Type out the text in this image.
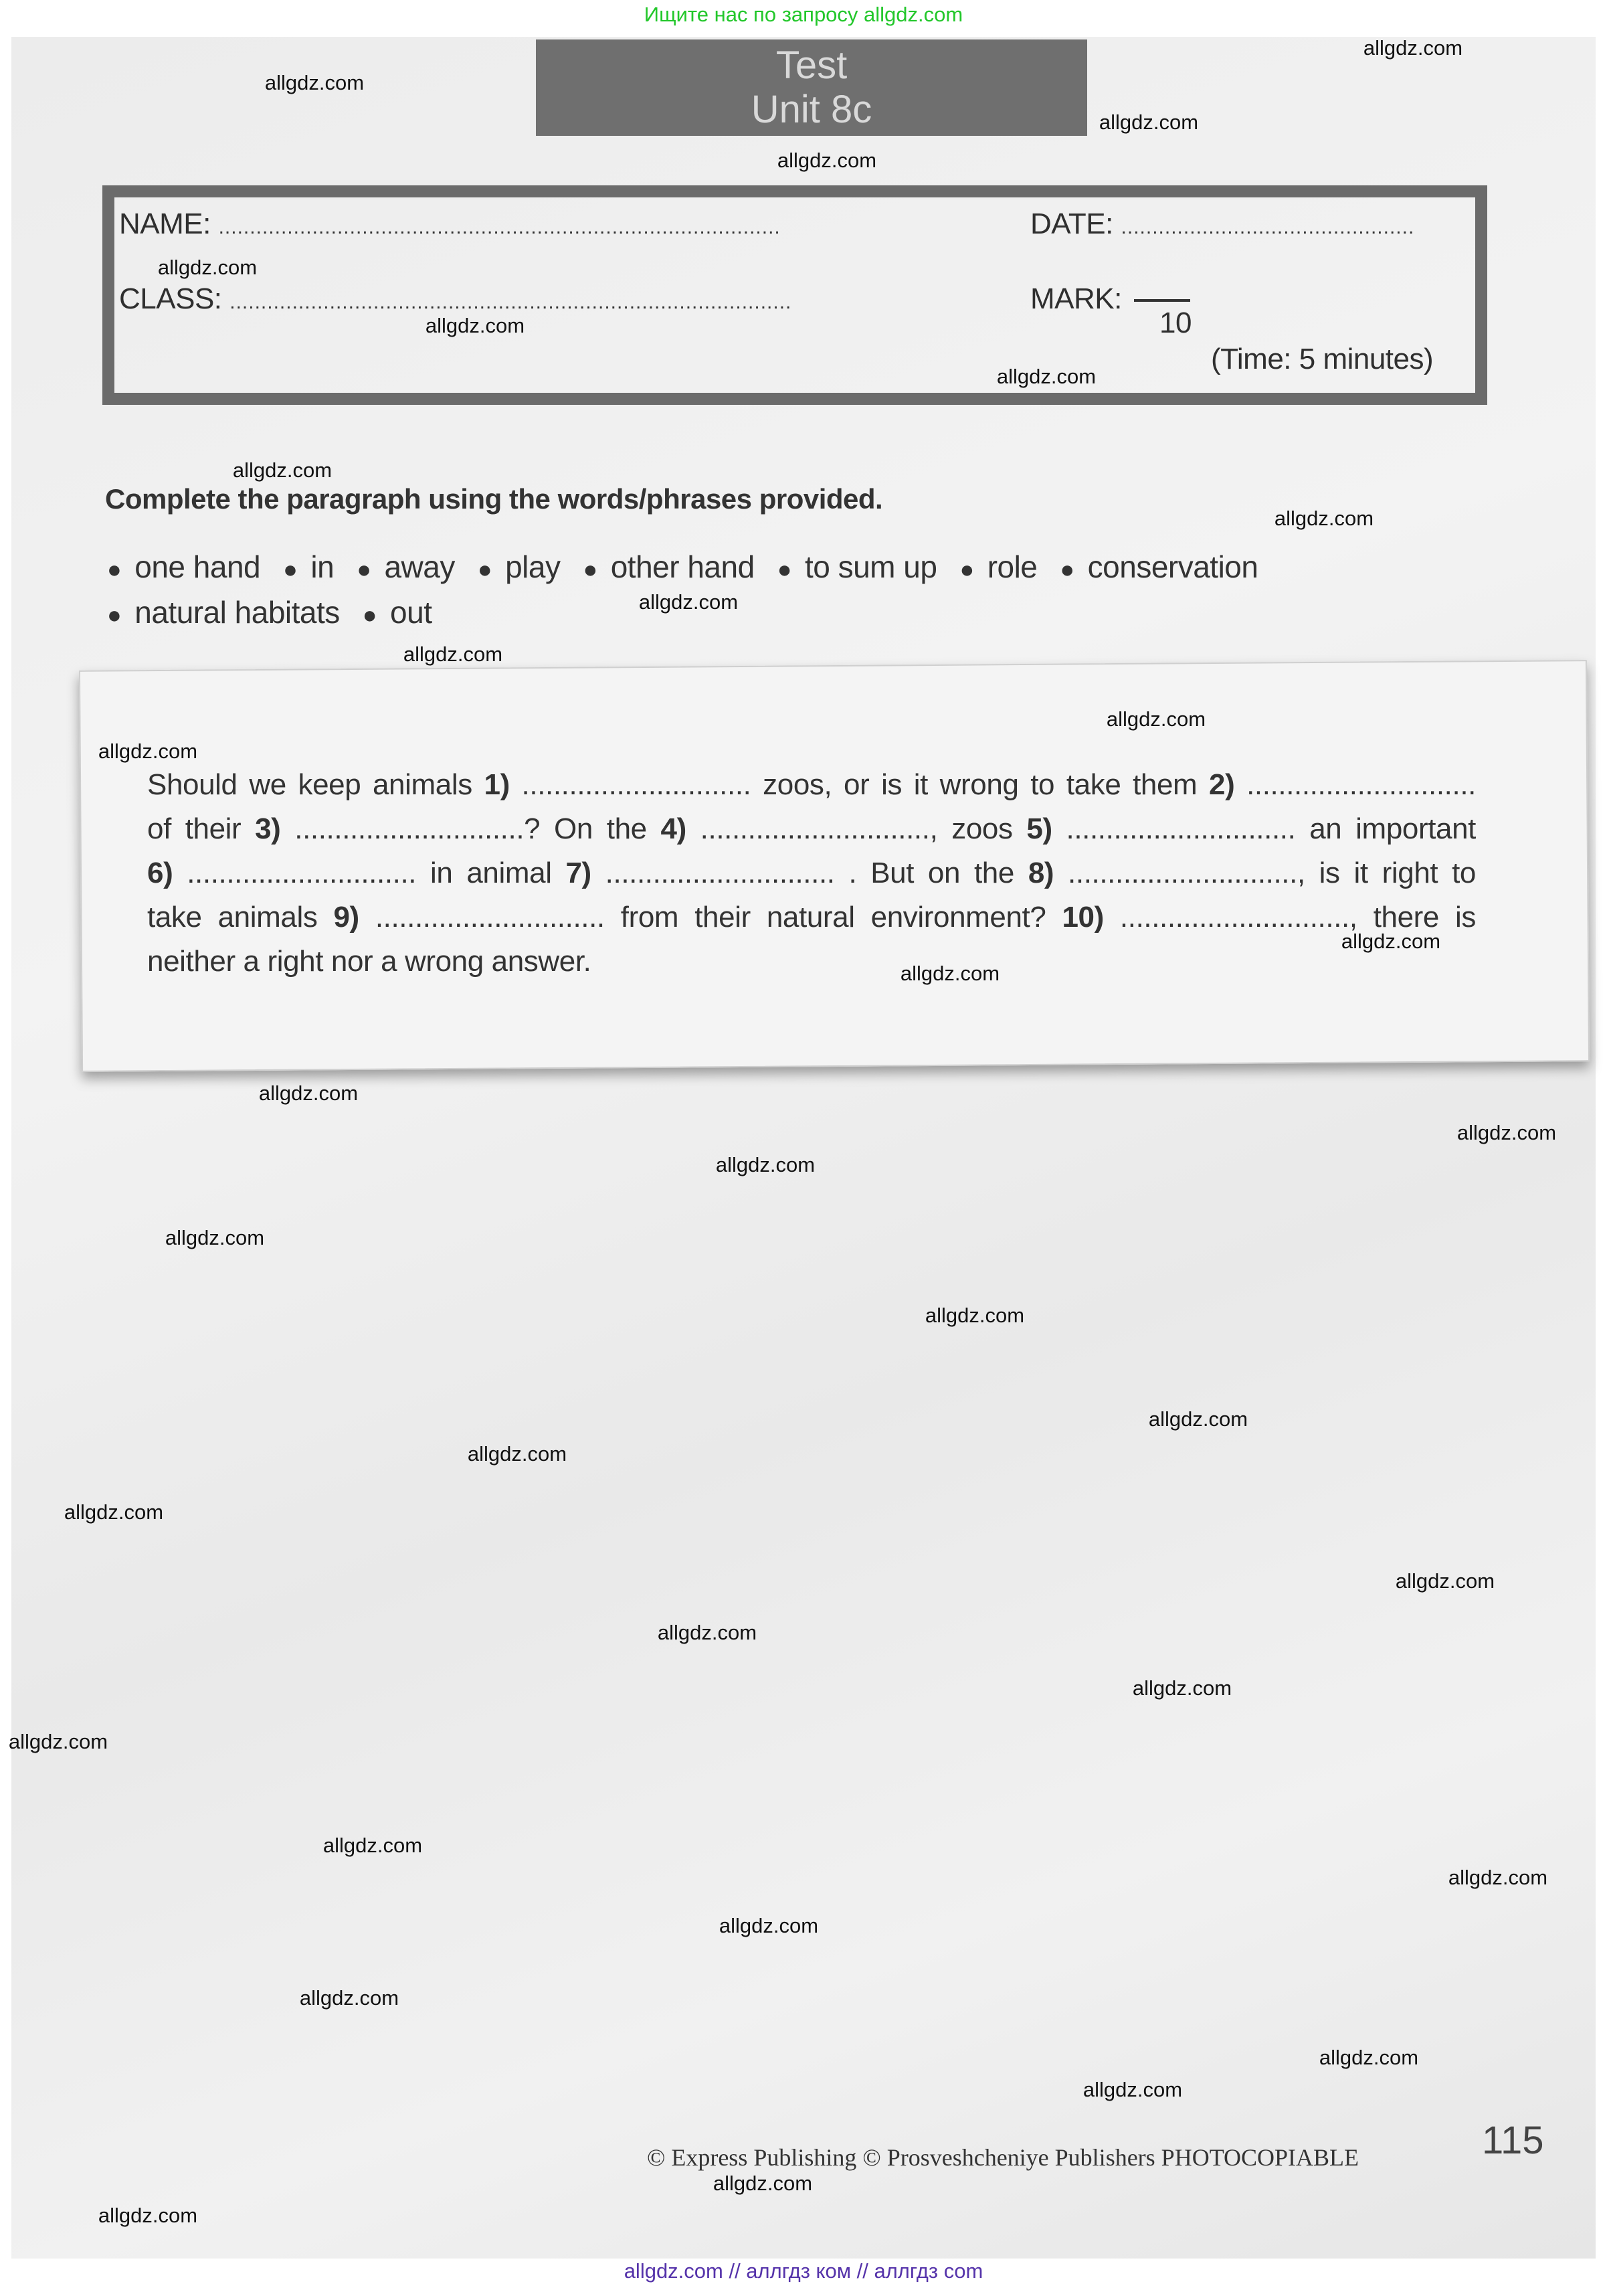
Ищите нас по запросу allgdz.com
Test
Unit 8c
NAME: ..........................................................................................	DATE: ...............................................
CLASS: ..........................................................................................	MARK:
10
(Time: 5 minutes)
Complete the paragraph using the words/phrases provided.
● one hand ● in ● away ● play ● other hand ● to sum up ● role ● conservation
● natural habitats ● out
Should we keep animals 1) ............................. zoos, or is it wrong to take them 2) .............................
of their 3) .............................? On the 4) ............................., zoos 5) ............................. an important
6) ............................. in animal 7) ............................. . But on the 8) ............................., is it right to
take animals 9) ............................. from their natural environment? 10) ............................., there is
neither a right nor a wrong answer.
© Express Publishing © Prosveshcheniye Publishers PHOTOCOPIABLE	115
allgdz.com // аллгдз ком // аллгдз com
allgdz.com
allgdz.com
allgdz.com
allgdz.com
allgdz.com
allgdz.com
allgdz.com
allgdz.com
allgdz.com
allgdz.com
allgdz.com
allgdz.com
allgdz.com
allgdz.com
allgdz.com
allgdz.com
allgdz.com
allgdz.com
allgdz.com
allgdz.com
allgdz.com
allgdz.com
allgdz.com
allgdz.com
allgdz.com
allgdz.com
allgdz.com
allgdz.com
allgdz.com
allgdz.com
allgdz.com
allgdz.com
allgdz.com
allgdz.com
allgdz.com
